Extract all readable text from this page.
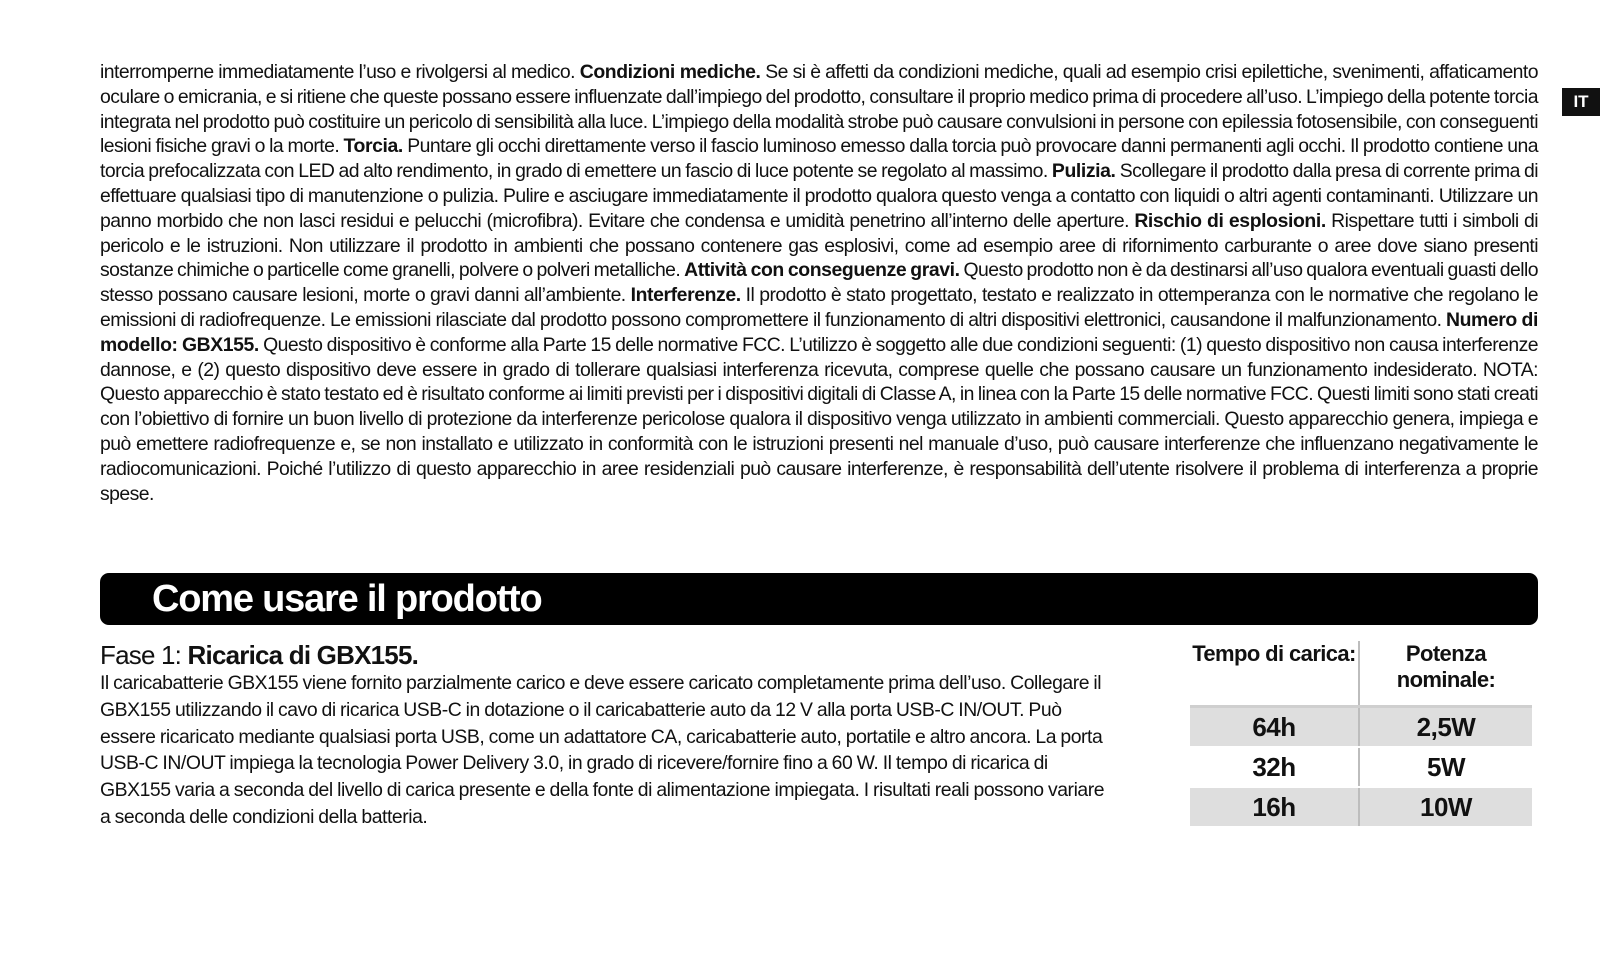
IT
interromperne immediatamente l’uso e rivolgersi al medico. Condizioni mediche. Se si è affetti da condizioni mediche, quali ad esempio crisi epilettiche, svenimenti, affaticamento oculare o emicrania, e si ritiene che queste possano essere influenzate dall’impiego del prodotto, consultare il proprio medico prima di procedere all’uso. L’impiego della potente torcia integrata nel prodotto può costituire un pericolo di sensibilità alla luce. L’impiego della modalità strobe può causare convulsioni in persone con epilessia fotosensibile, con conseguenti lesioni fisiche gravi o la morte. Torcia. Puntare gli occhi direttamente verso il fascio luminoso emesso dalla torcia può provocare danni permanenti agli occhi. Il prodotto contiene una torcia prefocalizzata con LED ad alto rendimento, in grado di emettere un fascio di luce potente se regolato al massimo. Pulizia. Scollegare il prodotto dalla presa di corrente prima di effettuare qualsiasi tipo di manutenzione o pulizia. Pulire e asciugare immediatamente il prodotto qualora questo venga a contatto con liquidi o altri agenti contaminanti. Utilizzare un panno morbido che non lasci residui e pelucchi (microfibra). Evitare che condensa e umidità penetrino all’interno delle aperture. Rischio di esplosioni. Rispettare tutti i simboli di pericolo e le istruzioni. Non utilizzare il prodotto in ambienti che possano contenere gas esplosivi, come ad esempio aree di rifornimento carburante o aree dove siano presenti sostanze chimiche o particelle come granelli, polvere o polveri metalliche. Attività con conseguenze gravi. Questo prodotto non è da destinarsi all’uso qualora eventuali guasti dello stesso possano causare lesioni, morte o gravi danni all’ambiente. Interferenze. Il prodotto è stato progettato, testato e realizzato in ottemperanza con le normative che regolano le emissioni di radiofrequenze. Le emissioni rilasciate dal prodotto possono compromettere il funzionamento di altri dispositivi elettronici, causandone il malfunzionamento. Numero di modello: GBX155. Questo dispositivo è conforme alla Parte 15 delle normative FCC. L’utilizzo è soggetto alle due condizioni seguenti: (1) questo dispositivo non causa interferenze dannose, e (2) questo dispositivo deve essere in grado di tollerare qualsiasi interferenza ricevuta, comprese quelle che possano causare un funzionamento indesiderato. NOTA: Questo apparecchio è stato testato ed è risultato conforme ai limiti previsti per i dispositivi digitali di Classe A, in linea con la Parte 15 delle normative FCC. Questi limiti sono stati creati con l’obiettivo di fornire un buon livello di protezione da interferenze pericolose qualora il dispositivo venga utilizzato in ambienti commerciali. Questo apparecchio genera, impiega e può emettere radiofrequenze e, se non installato e utilizzato in conformità con le istruzioni presenti nel manuale d’uso, può causare interferenze che influenzano negativamente le radiocomunicazioni. Poiché l’utilizzo di questo apparecchio in aree residenziali può causare interferenze, è responsabilità dell’utente risolvere il problema di interferenza a proprie spese.
Come usare il prodotto
Fase 1: Ricarica di GBX155.
Il caricabatterie GBX155 viene fornito parzialmente carico e deve essere caricato completamente prima dell’uso. Collegare il GBX155 utilizzando il cavo di ricarica USB-C in dotazione o il caricabatterie auto da 12 V alla porta USB-C IN/OUT. Può essere ricaricato mediante qualsiasi porta USB, come un adattatore CA, caricabatterie auto, portatile e altro ancora. La porta USB-C IN/OUT impiega la tecnologia Power Delivery 3.0, in grado di ricevere/fornire fino a 60 W. Il tempo di ricarica di GBX155 varia a seconda del livello di carica presente e della fonte di alimentazione impiegata. I risultati reali possono variare a seconda delle condizioni della batteria.
Tempo di carica:	Potenza nominale:
64h	2,5W
32h	5W
16h	10W
